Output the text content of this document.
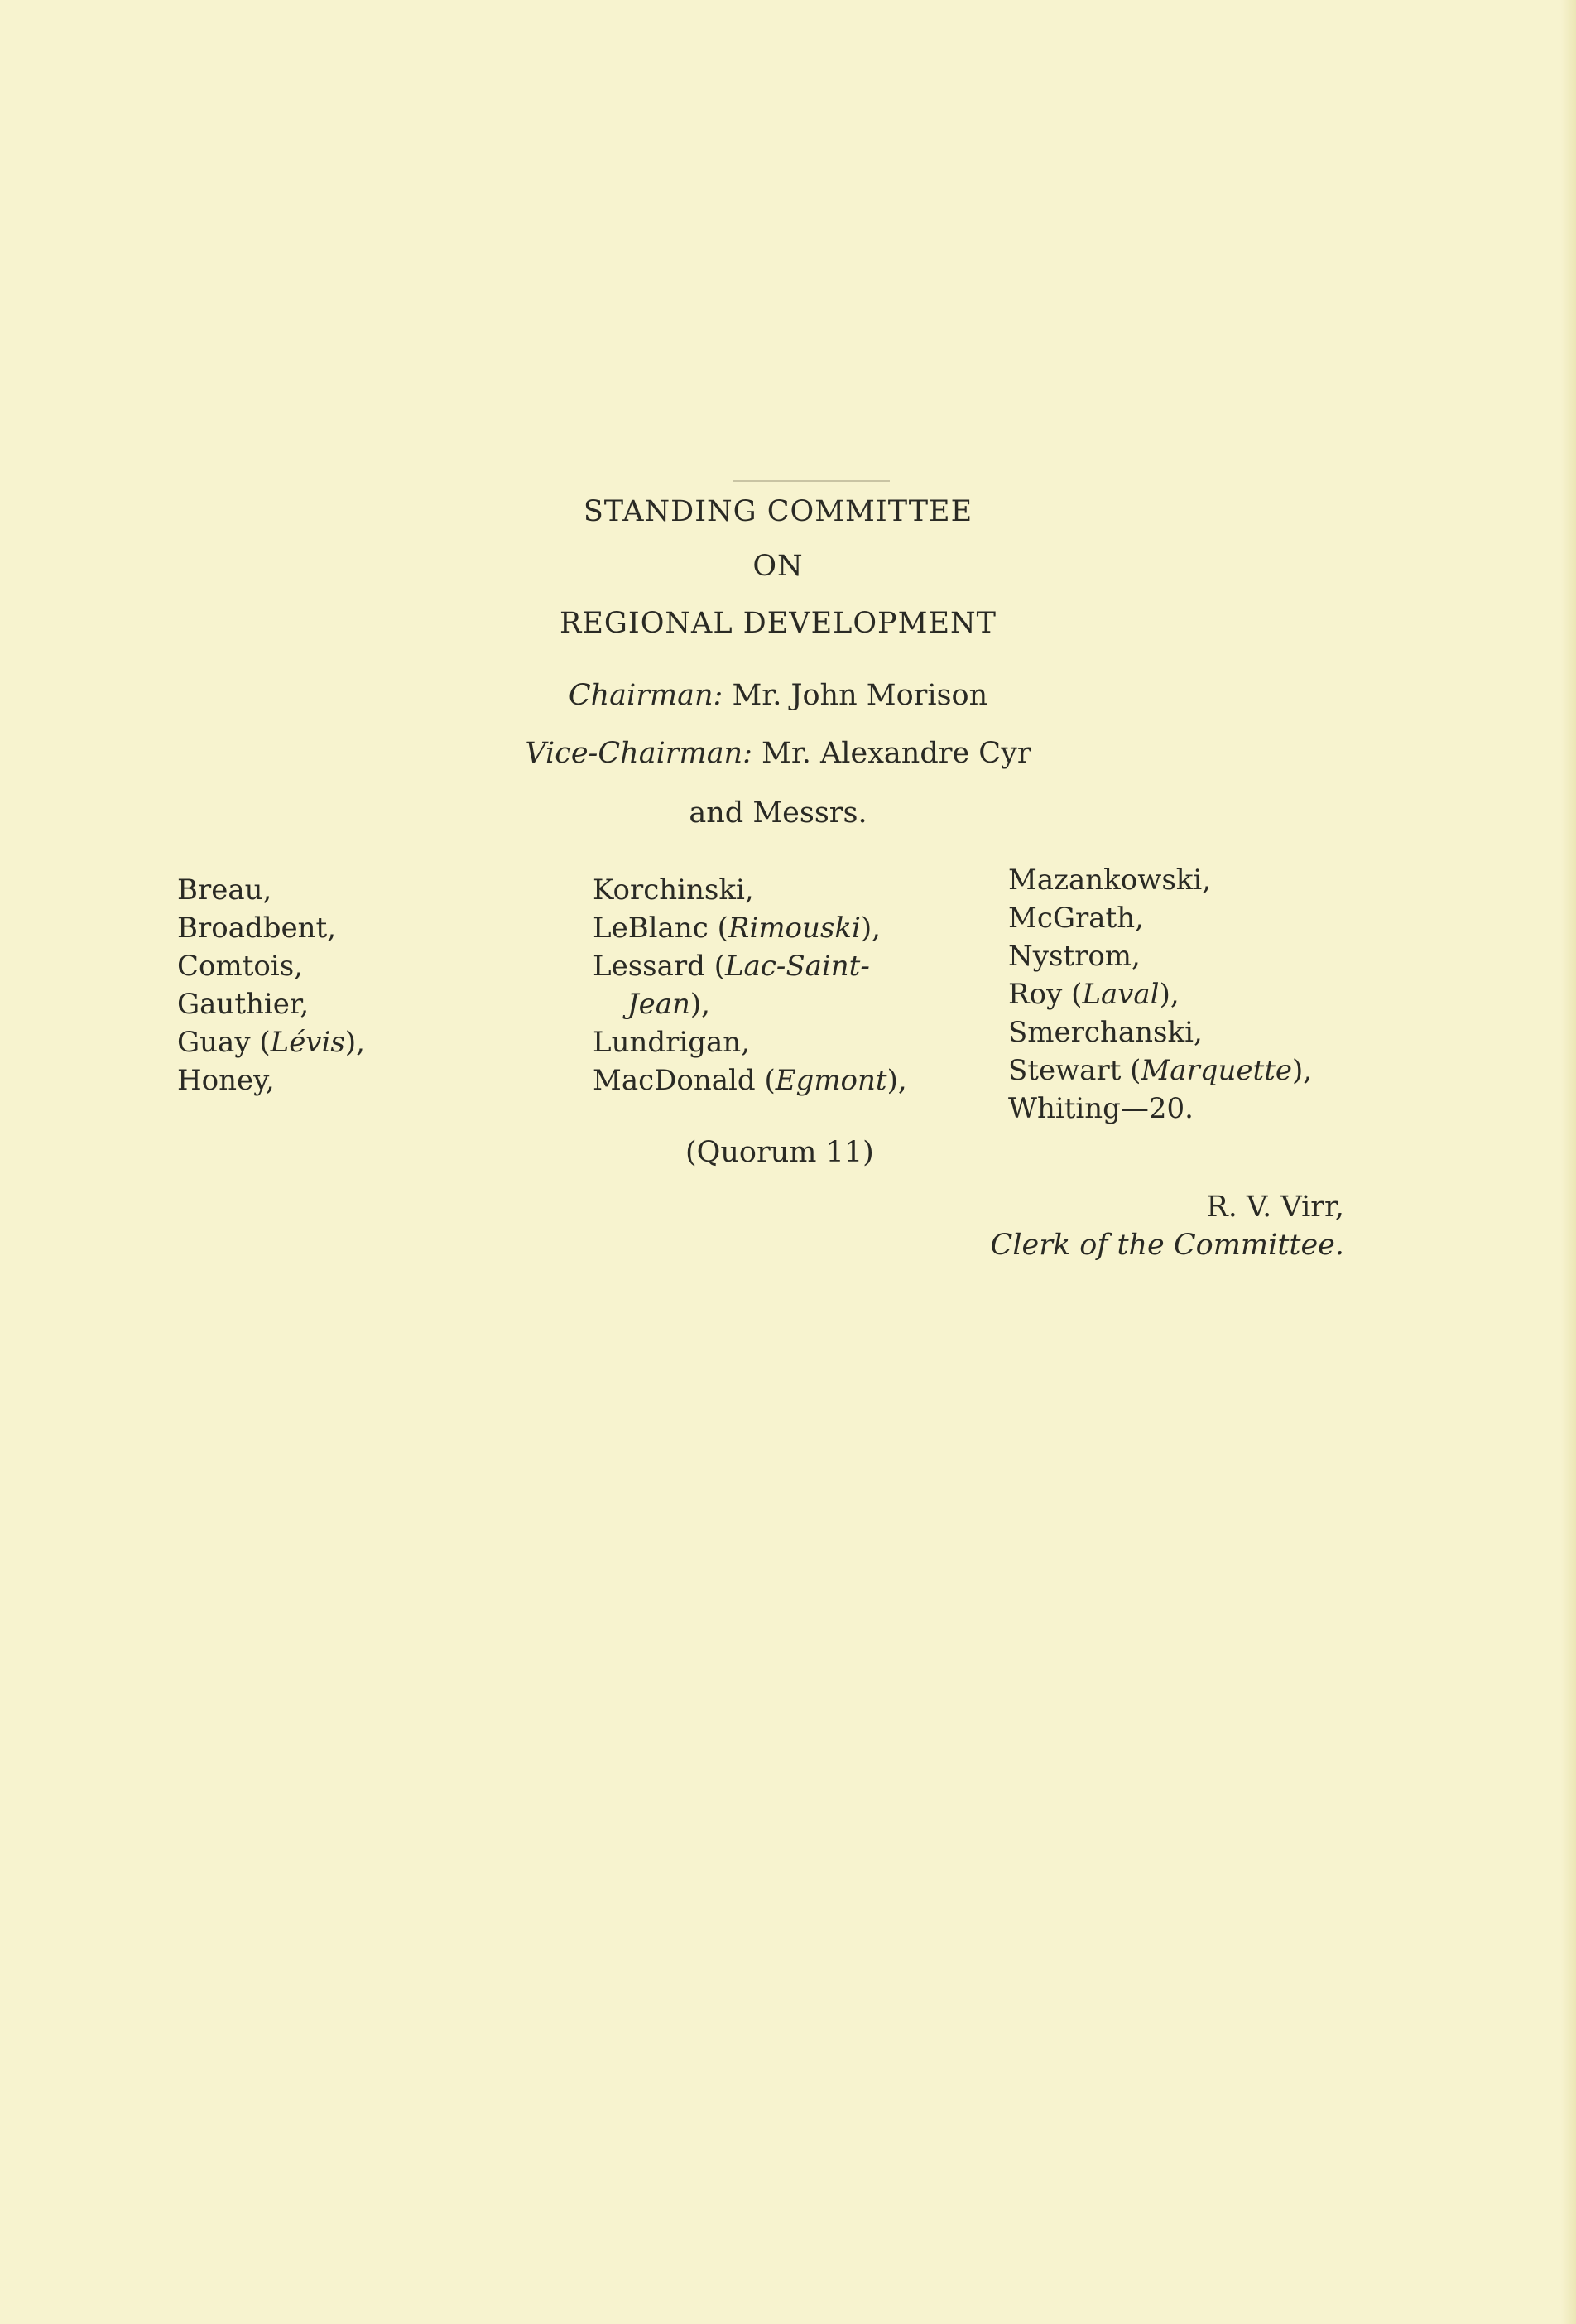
STANDING COMMITTEE
ON
REGIONAL DEVELOPMENT
Chairman: Mr. John Morison
Vice-Chairman: Mr. Alexandre Cyr
and Messrs.
Breau,
Broadbent,
Comtois,
Gauthier,
Guay (Lévis),
Honey,
Korchinski,
LeBlanc (Rimouski),
Lessard (Lac-Saint-
Jean),
Lundrigan,
MacDonald (Egmont),
Mazankowski,
McGrath,
Nystrom,
Roy (Laval),
Smerchanski,
Stewart (Marquette),
Whiting—20.
(Quorum 11)
R. V. Virr,
Clerk of the Committee.
